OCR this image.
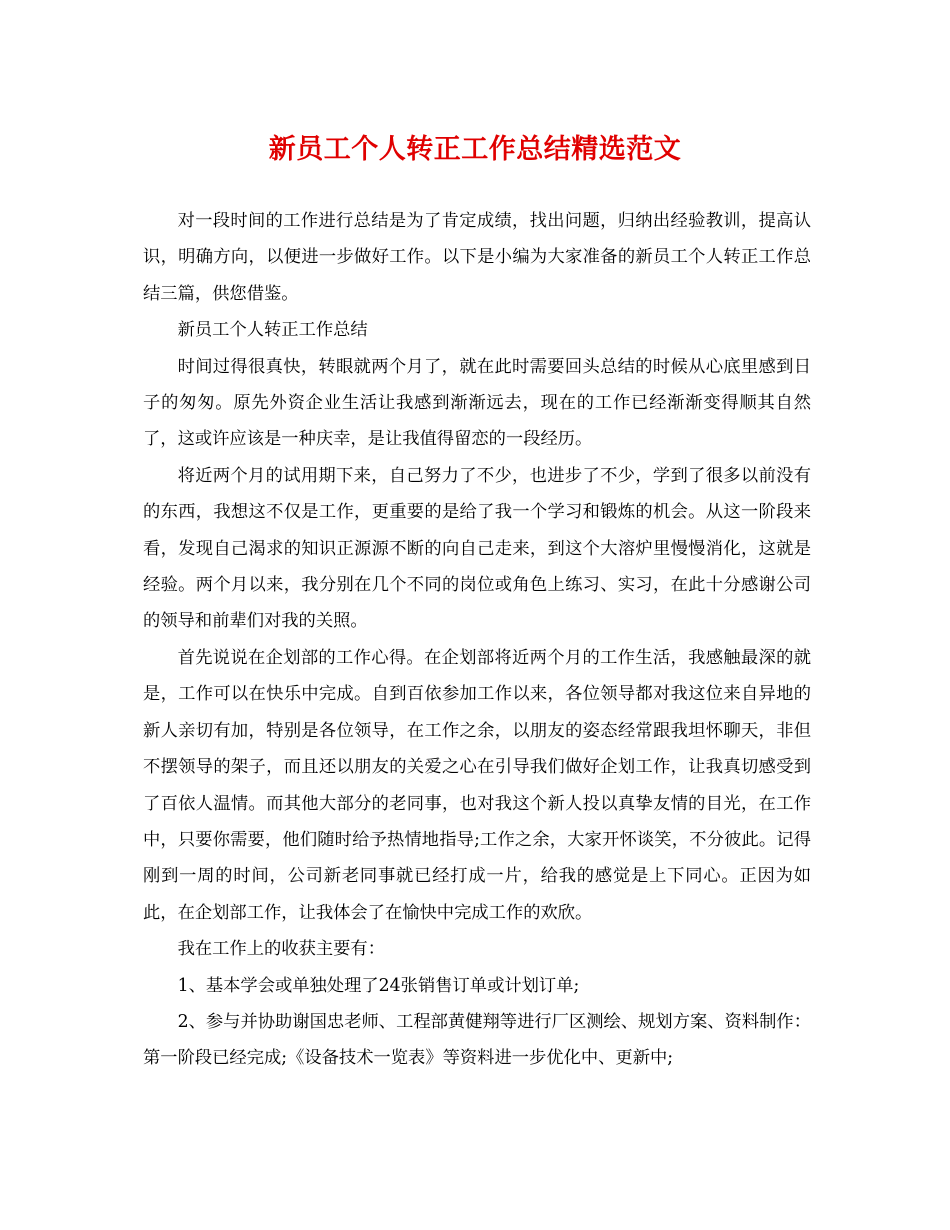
新员工个人转正工作总结精选范文

对一段时间的工作进行总结是为了肯定成绩，找出问题，归纳出经验教训，提高认识，明确方向，以便进一步做好工作。以下是小编为大家准备的新员工个人转正工作总结三篇，供您借鉴。

新员工个人转正工作总结

时间过得很真快，转眼就两个月了，就在此时需要回头总结的时候从心底里感到日子的匆匆。原先外资企业生活让我感到渐渐远去，现在的工作已经渐渐变得顺其自然了，这或许应该是一种庆幸，是让我值得留恋的一段经历。

将近两个月的试用期下来，自己努力了不少，也进步了不少，学到了很多以前没有的东西，我想这不仅是工作，更重要的是给了我一个学习和锻炼的机会。从这一阶段来看，发现自己渴求的知识正源源不断的向自己走来，到这个大溶炉里慢慢消化，这就是经验。两个月以来，我分别在几个不同的岗位或角色上练习、实习，在此十分感谢公司的领导和前辈们对我的关照。

首先说说在企划部的工作心得。在企划部将近两个月的工作生活，我感触最深的就是，工作可以在快乐中完成。自到百依参加工作以来，各位领导都对我这位来自异地的新人亲切有加，特别是各位领导，在工作之余，以朋友的姿态经常跟我坦怀聊天，非但不摆领导的架子，而且还以朋友的关爱之心在引导我们做好企划工作，让我真切感受到了百依人温情。而其他大部分的老同事，也对我这个新人投以真挚友情的目光，在工作中，只要你需要，他们随时给予热情地指导;工作之余，大家开怀谈笑，不分彼此。记得刚到一周的时间，公司新老同事就已经打成一片，给我的感觉是上下同心。正因为如此，在企划部工作，让我体会了在愉快中完成工作的欢欣。

我在工作上的收获主要有：

1、基本学会或单独处理了24张销售订单或计划订单;

2、参与并协助谢国忠老师、工程部黄健翔等进行厂区测绘、规划方案、资料制作：第一阶段已经完成;《设备技术一览表》等资料进一步优化中、更新中;
